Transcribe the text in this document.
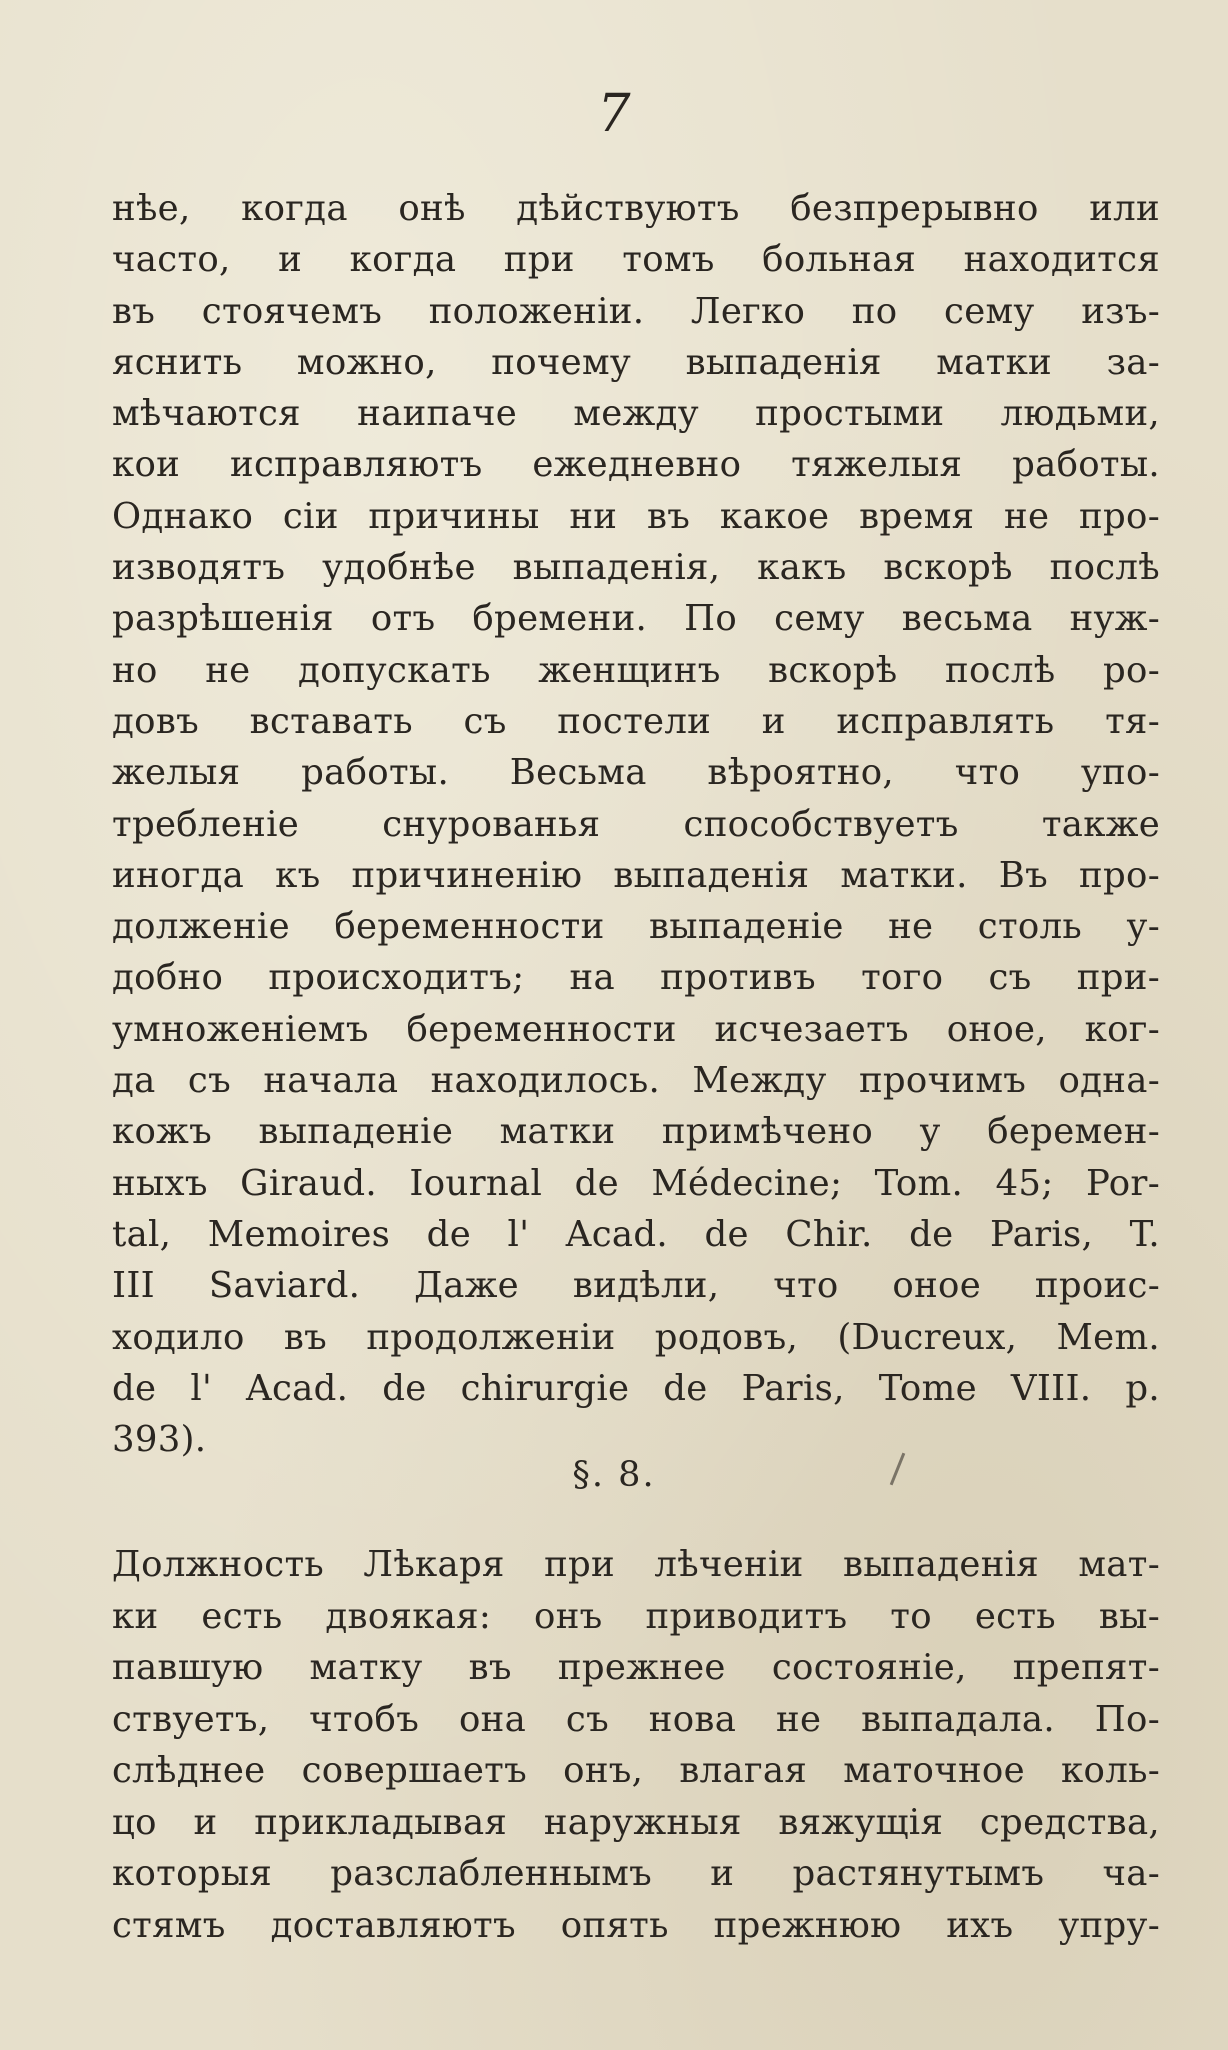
7

нѣе, когда онѣ дѣйствуютъ безпрерывно или

часто, и когда при томъ больная находится

въ стоячемъ положеніи. Легко по сему изъ-

яснить можно, почему выпаденія матки за-

мѣчаются наипаче между простыми людьми,

кои исправляютъ ежедневно тяжелыя работы.

Однако сіи причины ни въ какое время не про-

изводятъ удобнѣе выпаденія, какъ вскорѣ послѣ

разрѣшенія отъ бремени. По сему весьма нуж-

но не допускать женщинъ вскорѣ послѣ ро-

довъ вставать съ постели и исправлять тя-

желыя работы. Весьма вѣроятно, что упо-

требленіе снурованья способствуетъ также

иногда къ причиненію выпаденія матки. Въ про-

долженіе беременности выпаденіе не столь у-

добно происходитъ; на противъ того съ при-

умноженіемъ беременности исчезаетъ оное, ког-

да съ начала находилось. Между прочимъ одна-

кожъ выпаденіе матки примѣчено у беремен-

ныхъ Giraud. Iournal de Médecine; Tom. 45; Por-

tal, Memoires de l' Acad. de Chir. de Paris, T.

III Saviard. Даже видѣли, что оное проис-

ходило въ продолженіи родовъ, (Ducreux, Mem.

de l' Acad. de chirurgie de Paris, Tome VIII. p.

393).

§. 8.

Должность Лѣкаря при лѣченіи выпаденія мат-

ки есть двоякая: онъ приводитъ то есть вы-

павшую матку въ прежнее состояніе, препят-

ствуетъ, чтобъ она съ нова не выпадала. По-

слѣднее совершаетъ онъ, влагая маточное коль-

цо и прикладывая наружныя вяжущія средства,

которыя разслабленнымъ и растянутымъ ча-

стямъ доставляютъ опять прежнюю ихъ упру-
